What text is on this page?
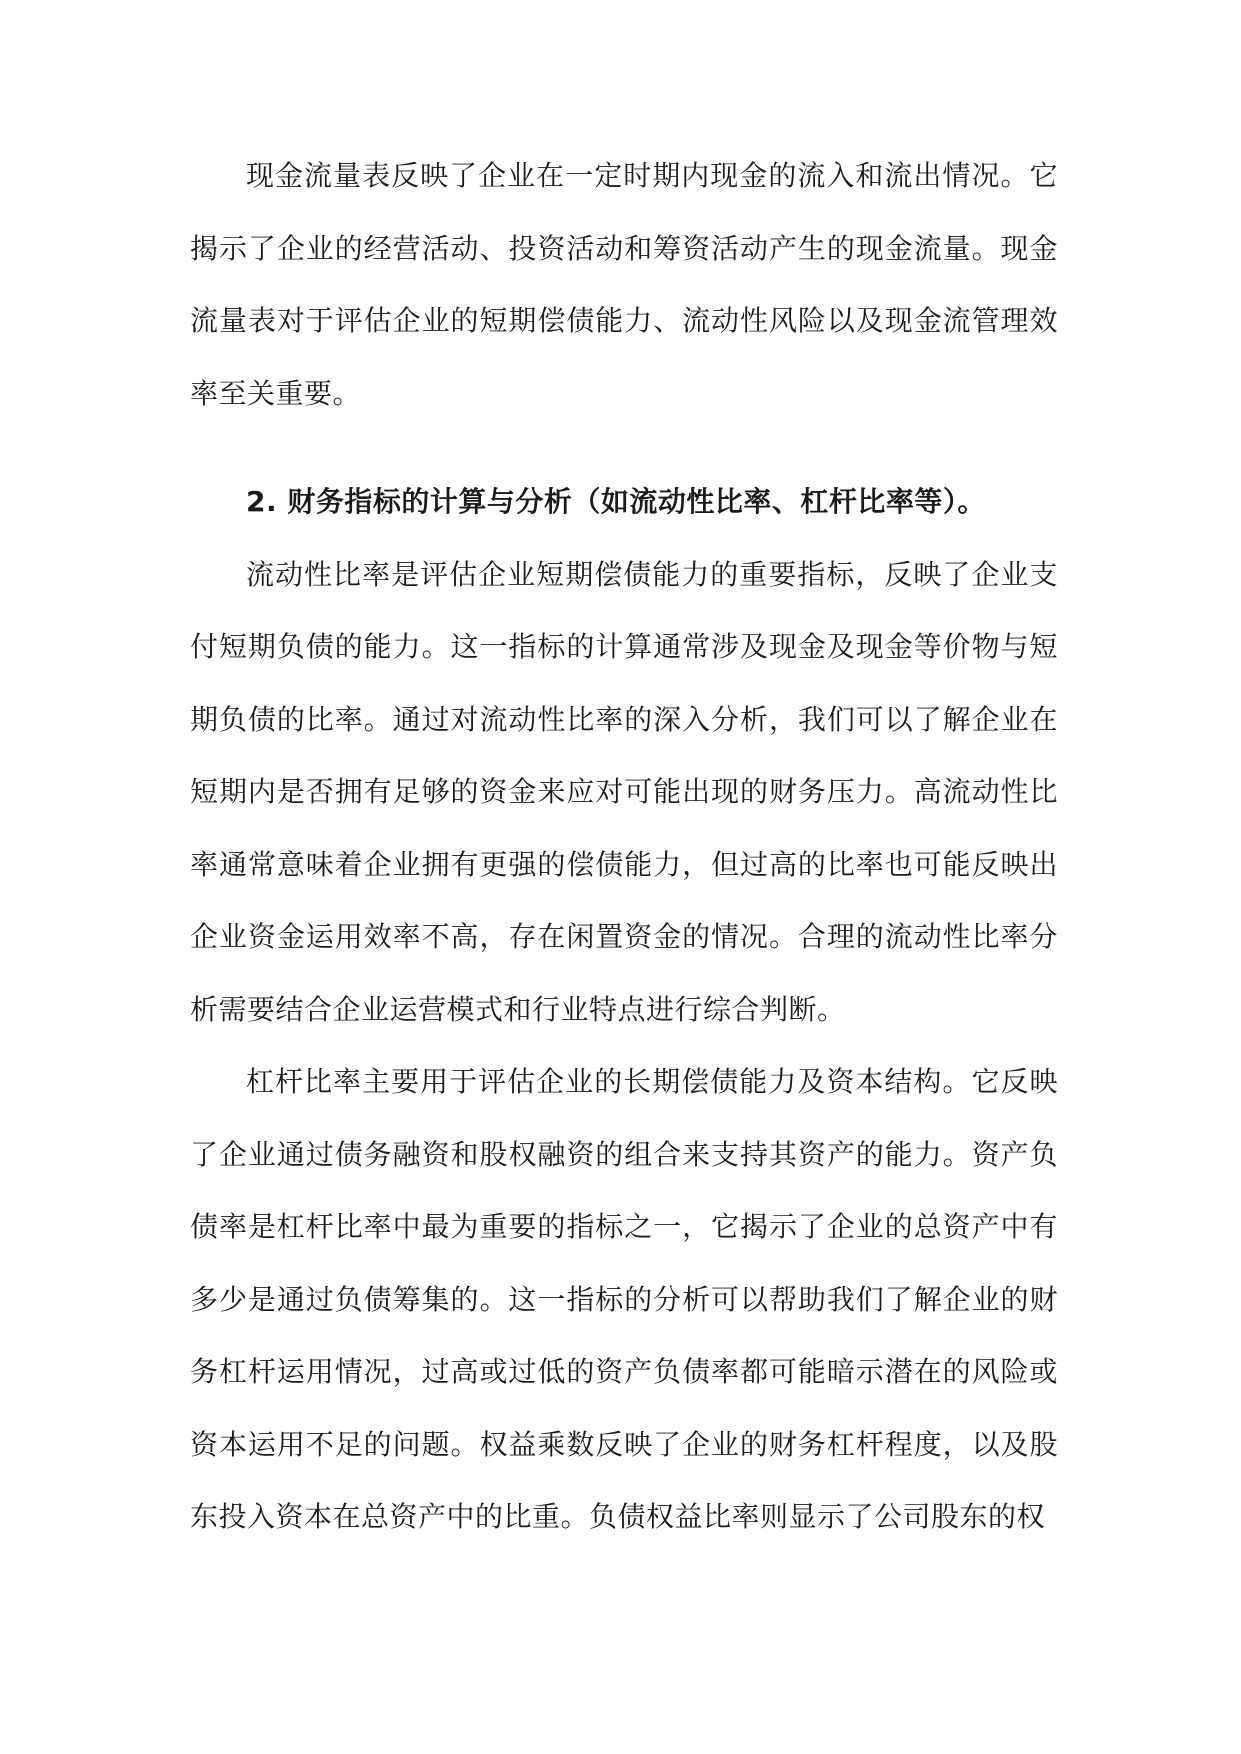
现金流量表反映了企业在一定时期内现金的流入和流出情况。它揭示了企业的经营活动、投资活动和筹资活动产生的现金流量。现金流量表对于评估企业的短期偿债能力、流动性风险以及现金流管理效率至关重要。

2. 财务指标的计算与分析（如流动性比率、杠杆比率等）。

流动性比率是评估企业短期偿债能力的重要指标，反映了企业支付短期负债的能力。这一指标的计算通常涉及现金及现金等价物与短期负债的比率。通过对流动性比率的深入分析，我们可以了解企业在短期内是否拥有足够的资金来应对可能出现的财务压力。高流动性比率通常意味着企业拥有更强的偿债能力，但过高的比率也可能反映出企业资金运用效率不高，存在闲置资金的情况。合理的流动性比率分析需要结合企业运营模式和行业特点进行综合判断。

杠杆比率主要用于评估企业的长期偿债能力及资本结构。它反映了企业通过债务融资和股权融资的组合来支持其资产的能力。资产负债率是杠杆比率中最为重要的指标之一，它揭示了企业的总资产中有多少是通过负债筹集的。这一指标的分析可以帮助我们了解企业的财务杠杆运用情况，过高或过低的资产负债率都可能暗示潜在的风险或资本运用不足的问题。权益乘数反映了企业的财务杠杆程度，以及股东投入资本在总资产中的比重。负债权益比率则显示了公司股东的权
